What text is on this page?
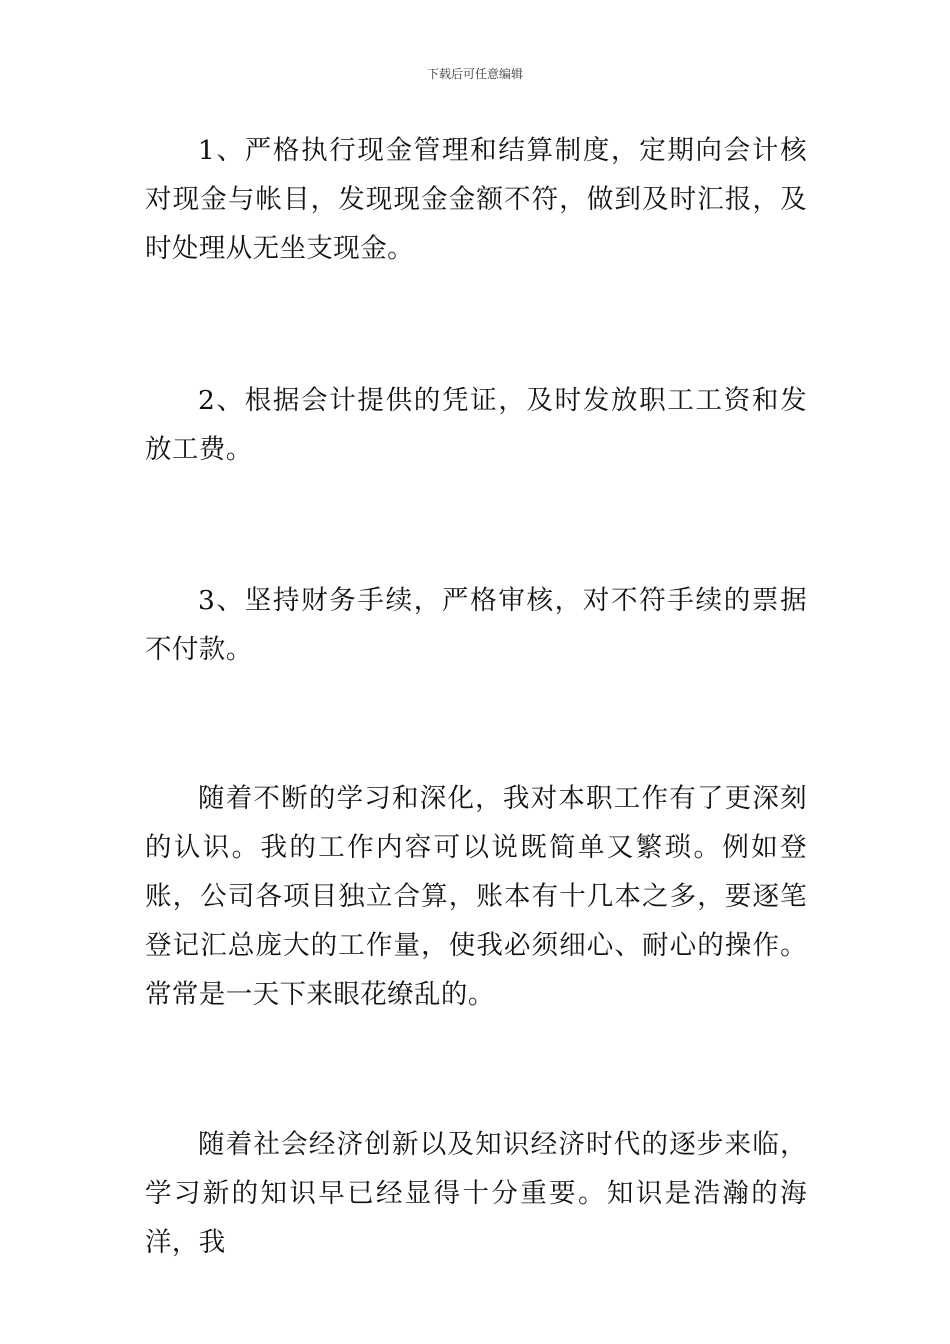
下载后可任意编辑

1、严格执行现金管理和结算制度，定期向会计核对现金与帐目，发现现金金额不符，做到及时汇报，及时处理从无坐支现金。

2、根据会计提供的凭证，及时发放职工工资和发放工费。

3、坚持财务手续，严格审核，对不符手续的票据不付款。

随着不断的学习和深化，我对本职工作有了更深刻的认识。我的工作内容可以说既简单又繁琐。例如登账，公司各项目独立合算，账本有十几本之多，要逐笔登记汇总庞大的工作量，使我必须细心、耐心的操作。常常是一天下来眼花缭乱的。

随着社会经济创新以及知识经济时代的逐步来临，学习新的知识早已经显得十分重要。知识是浩瀚的海洋，我
